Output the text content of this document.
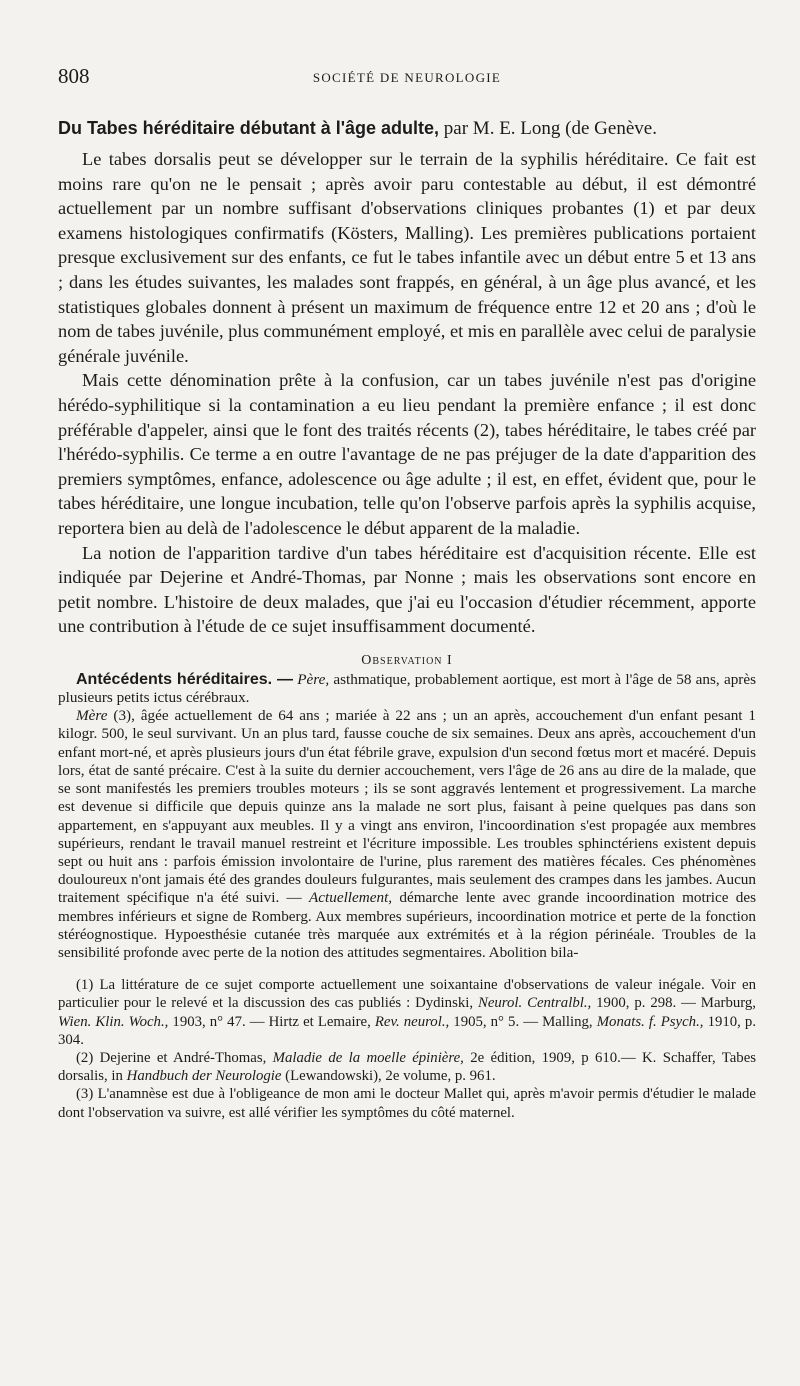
808	SOCIÉTÉ DE NEUROLOGIE
Du Tabes héréditaire débutant à l'âge adulte, par M. E. Long (de Genève.

Le tabes dorsalis peut se développer sur le terrain de la syphilis héréditaire. Ce fait est moins rare qu'on ne le pensait ; après avoir paru contestable au début, il est démontré actuellement par un nombre suffisant d'observations cliniques probantes (1) et par deux examens histologiques confirmatifs (Kösters, Malling). Les premières publications portaient presque exclusivement sur des enfants, ce fut le tabes infantile avec un début entre 5 et 13 ans ; dans les études suivantes, les malades sont frappés, en général, à un âge plus avancé, et les statistiques globales donnent à présent un maximum de fréquence entre 12 et 20 ans ; d'où le nom de tabes juvénile, plus communément employé, et mis en parallèle avec celui de paralysie générale juvénile.

Mais cette dénomination prête à la confusion, car un tabes juvénile n'est pas d'origine hérédo-syphilitique si la contamination a eu lieu pendant la première enfance ; il est donc préférable d'appeler, ainsi que le font des traités récents (2), tabes héréditaire, le tabes créé par l'hérédo-syphilis. Ce terme a en outre l'avantage de ne pas préjuger de la date d'apparition des premiers symptômes, enfance, adolescence ou âge adulte ; il est, en effet, évident que, pour le tabes héréditaire, une longue incubation, telle qu'on l'observe parfois après la syphilis acquise, reportera bien au delà de l'adolescence le début apparent de la maladie.

La notion de l'apparition tardive d'un tabes héréditaire est d'acquisition récente. Elle est indiquée par Dejerine et André-Thomas, par Nonne ; mais les observations sont encore en petit nombre. L'histoire de deux malades, que j'ai eu l'occasion d'étudier récemment, apporte une contribution à l'étude de ce sujet insuffisamment documenté.

Observation I

Antécédents héréditaires. — Père, asthmatique, probablement aortique, est mort à l'âge de 58 ans, après plusieurs petits ictus cérébraux.

Mère (3), âgée actuellement de 64 ans ; mariée à 22 ans ; un an après, accouchement d'un enfant pesant 1 kilogr. 500, le seul survivant. Un an plus tard, fausse couche de six semaines. Deux ans après, accouchement d'un enfant mort-né, et après plusieurs jours d'un état fébrile grave, expulsion d'un second fœtus mort et macéré. Depuis lors, état de santé précaire. C'est à la suite du dernier accouchement, vers l'âge de 26 ans au dire de la malade, que se sont manifestés les premiers troubles moteurs ; ils se sont aggravés lentement et progressivement. La marche est devenue si difficile que depuis quinze ans la malade ne sort plus, faisant à peine quelques pas dans son appartement, en s'appuyant aux meubles. Il y a vingt ans environ, l'incoordination s'est propagée aux membres supérieurs, rendant le travail manuel restreint et l'écriture impossible. Les troubles sphinctériens existent depuis sept ou huit ans : parfois émission involontaire de l'urine, plus rarement des matières fécales. Ces phénomènes douloureux n'ont jamais été des grandes douleurs fulgurantes, mais seulement des crampes dans les jambes. Aucun traitement spécifique n'a été suivi. — Actuellement, démarche lente avec grande incoordination motrice des membres inférieurs et signe de Romberg. Aux membres supérieurs, incoordination motrice et perte de la fonction stéréognostique. Hypoesthésie cutanée très marquée aux extrémités et à la région périnéale. Troubles de la sensibilité profonde avec perte de la notion des attitudes segmentaires. Abolition bila-

(1) La littérature de ce sujet comporte actuellement une soixantaine d'observations de valeur inégale. Voir en particulier pour le relevé et la discussion des cas publiés : Dydinski, Neurol. Centralbl., 1900, p. 298. — Marburg, Wien. Klin. Woch., 1903, n° 47. — Hirtz et Lemaire, Rev. neurol., 1905, n° 5. — Malling, Monats. f. Psych., 1910, p. 304.

(2) Dejerine et André-Thomas, Maladie de la moelle épinière, 2e édition, 1909, p 610.— K. Schaffer, Tabes dorsalis, in Handbuch der Neurologie (Lewandowski), 2e volume, p. 961.

(3) L'anamnèse est due à l'obligeance de mon ami le docteur Mallet qui, après m'avoir permis d'étudier le malade dont l'observation va suivre, est allé vérifier les symptômes du côté maternel.
